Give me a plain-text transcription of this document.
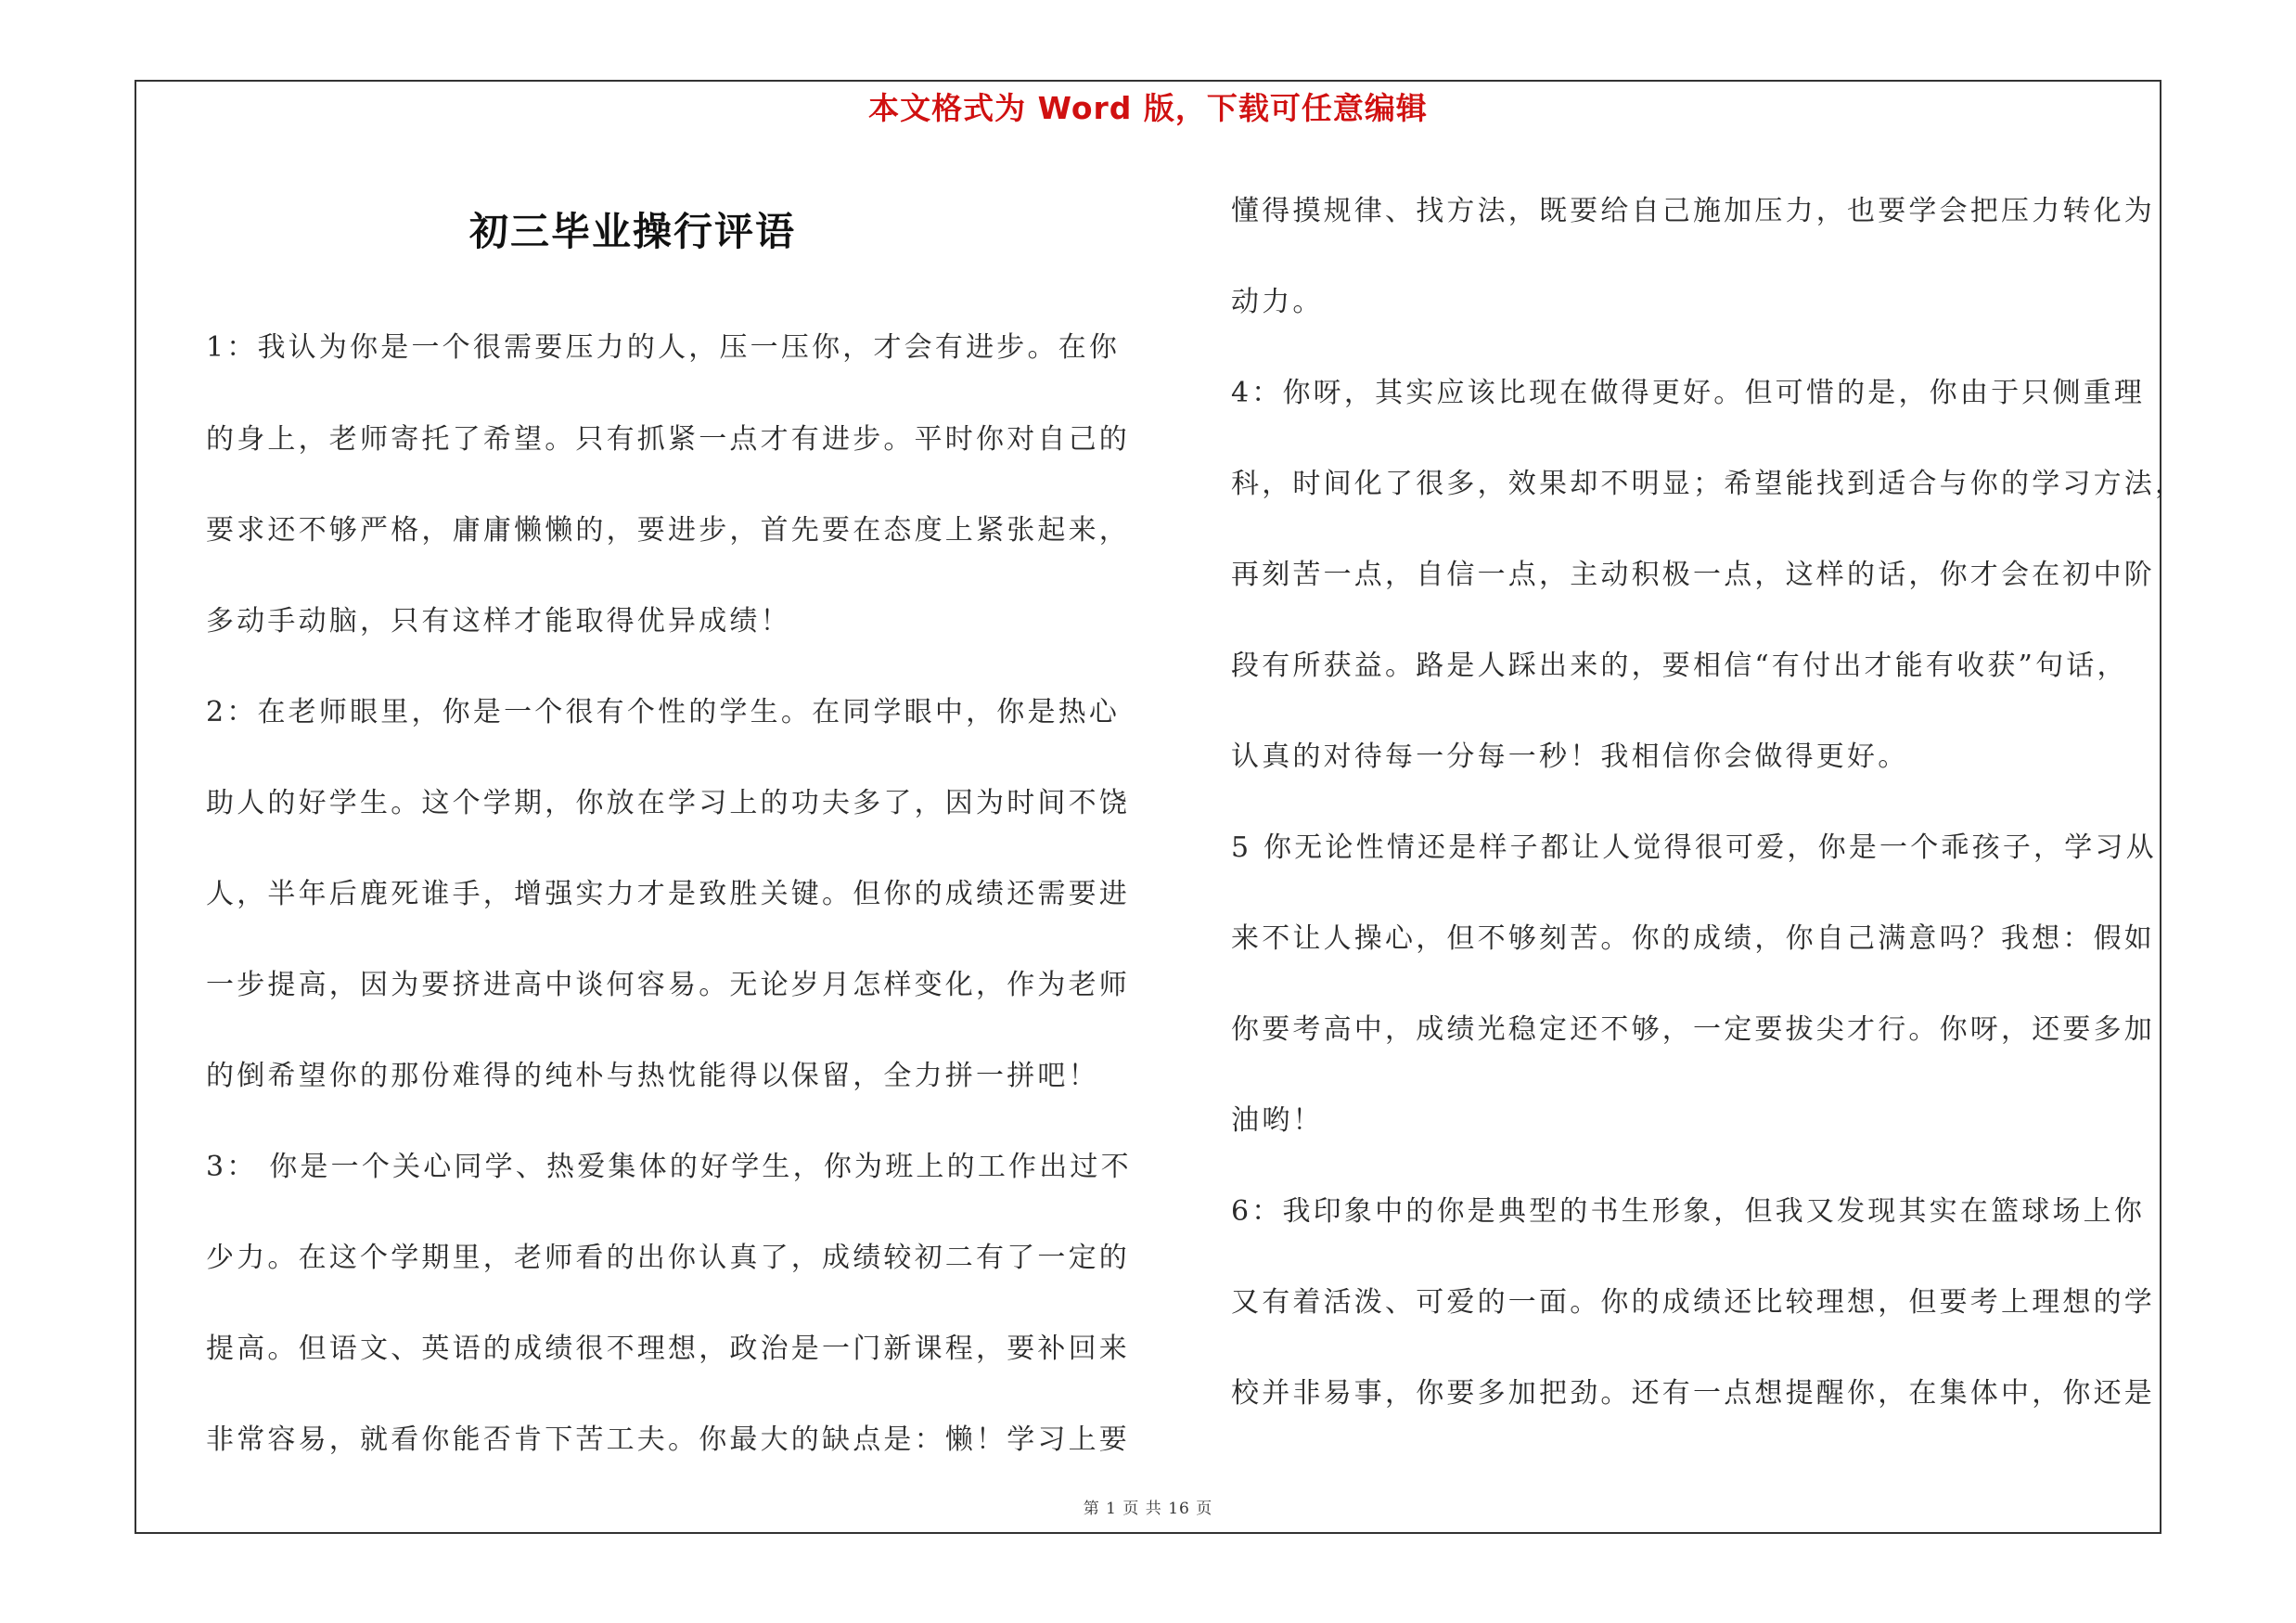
本文格式为 Word 版，下载可任意编辑
初三毕业操行评语
1：我认为你是一个很需要压力的人，压一压你，才会有进步。在你
的身上，老师寄托了希望。只有抓紧一点才有进步。平时你对自己的
要求还不够严格，庸庸懒懒的，要进步，首先要在态度上紧张起来，
多动手动脑，只有这样才能取得优异成绩！
2：在老师眼里，你是一个很有个性的学生。在同学眼中，你是热心
助人的好学生。这个学期，你放在学习上的功夫多了，因为时间不饶
人，半年后鹿死谁手，增强实力才是致胜关键。但你的成绩还需要进
一步提高，因为要挤进高中谈何容易。无论岁月怎样变化，作为老师
的倒希望你的那份难得的纯朴与热忱能得以保留，全力拼一拼吧！
3： 你是一个关心同学、热爱集体的好学生，你为班上的工作出过不
少力。在这个学期里，老师看的出你认真了，成绩较初二有了一定的
提高。但语文、英语的成绩很不理想，政治是一门新课程，要补回来
非常容易，就看你能否肯下苦工夫。你最大的缺点是：懒！学习上要
懂得摸规律、找方法，既要给自己施加压力，也要学会把压力转化为
动力。
4：你呀，其实应该比现在做得更好。但可惜的是，你由于只侧重理
科，时间化了很多，效果却不明显；希望能找到适合与你的学习方法，
再刻苦一点，自信一点，主动积极一点，这样的话，你才会在初中阶
段有所获益。路是人踩出来的，要相信“有付出才能有收获”句话，
认真的对待每一分每一秒！我相信你会做得更好。
5 你无论性情还是样子都让人觉得很可爱，你是一个乖孩子，学习从
来不让人操心，但不够刻苦。你的成绩，你自己满意吗？我想：假如
你要考高中，成绩光稳定还不够，一定要拔尖才行。你呀，还要多加
油哟！
6：我印象中的你是典型的书生形象，但我又发现其实在篮球场上你
又有着活泼、可爱的一面。你的成绩还比较理想，但要考上理想的学
校并非易事，你要多加把劲。还有一点想提醒你，在集体中，你还是
第 1 页 共 16 页
